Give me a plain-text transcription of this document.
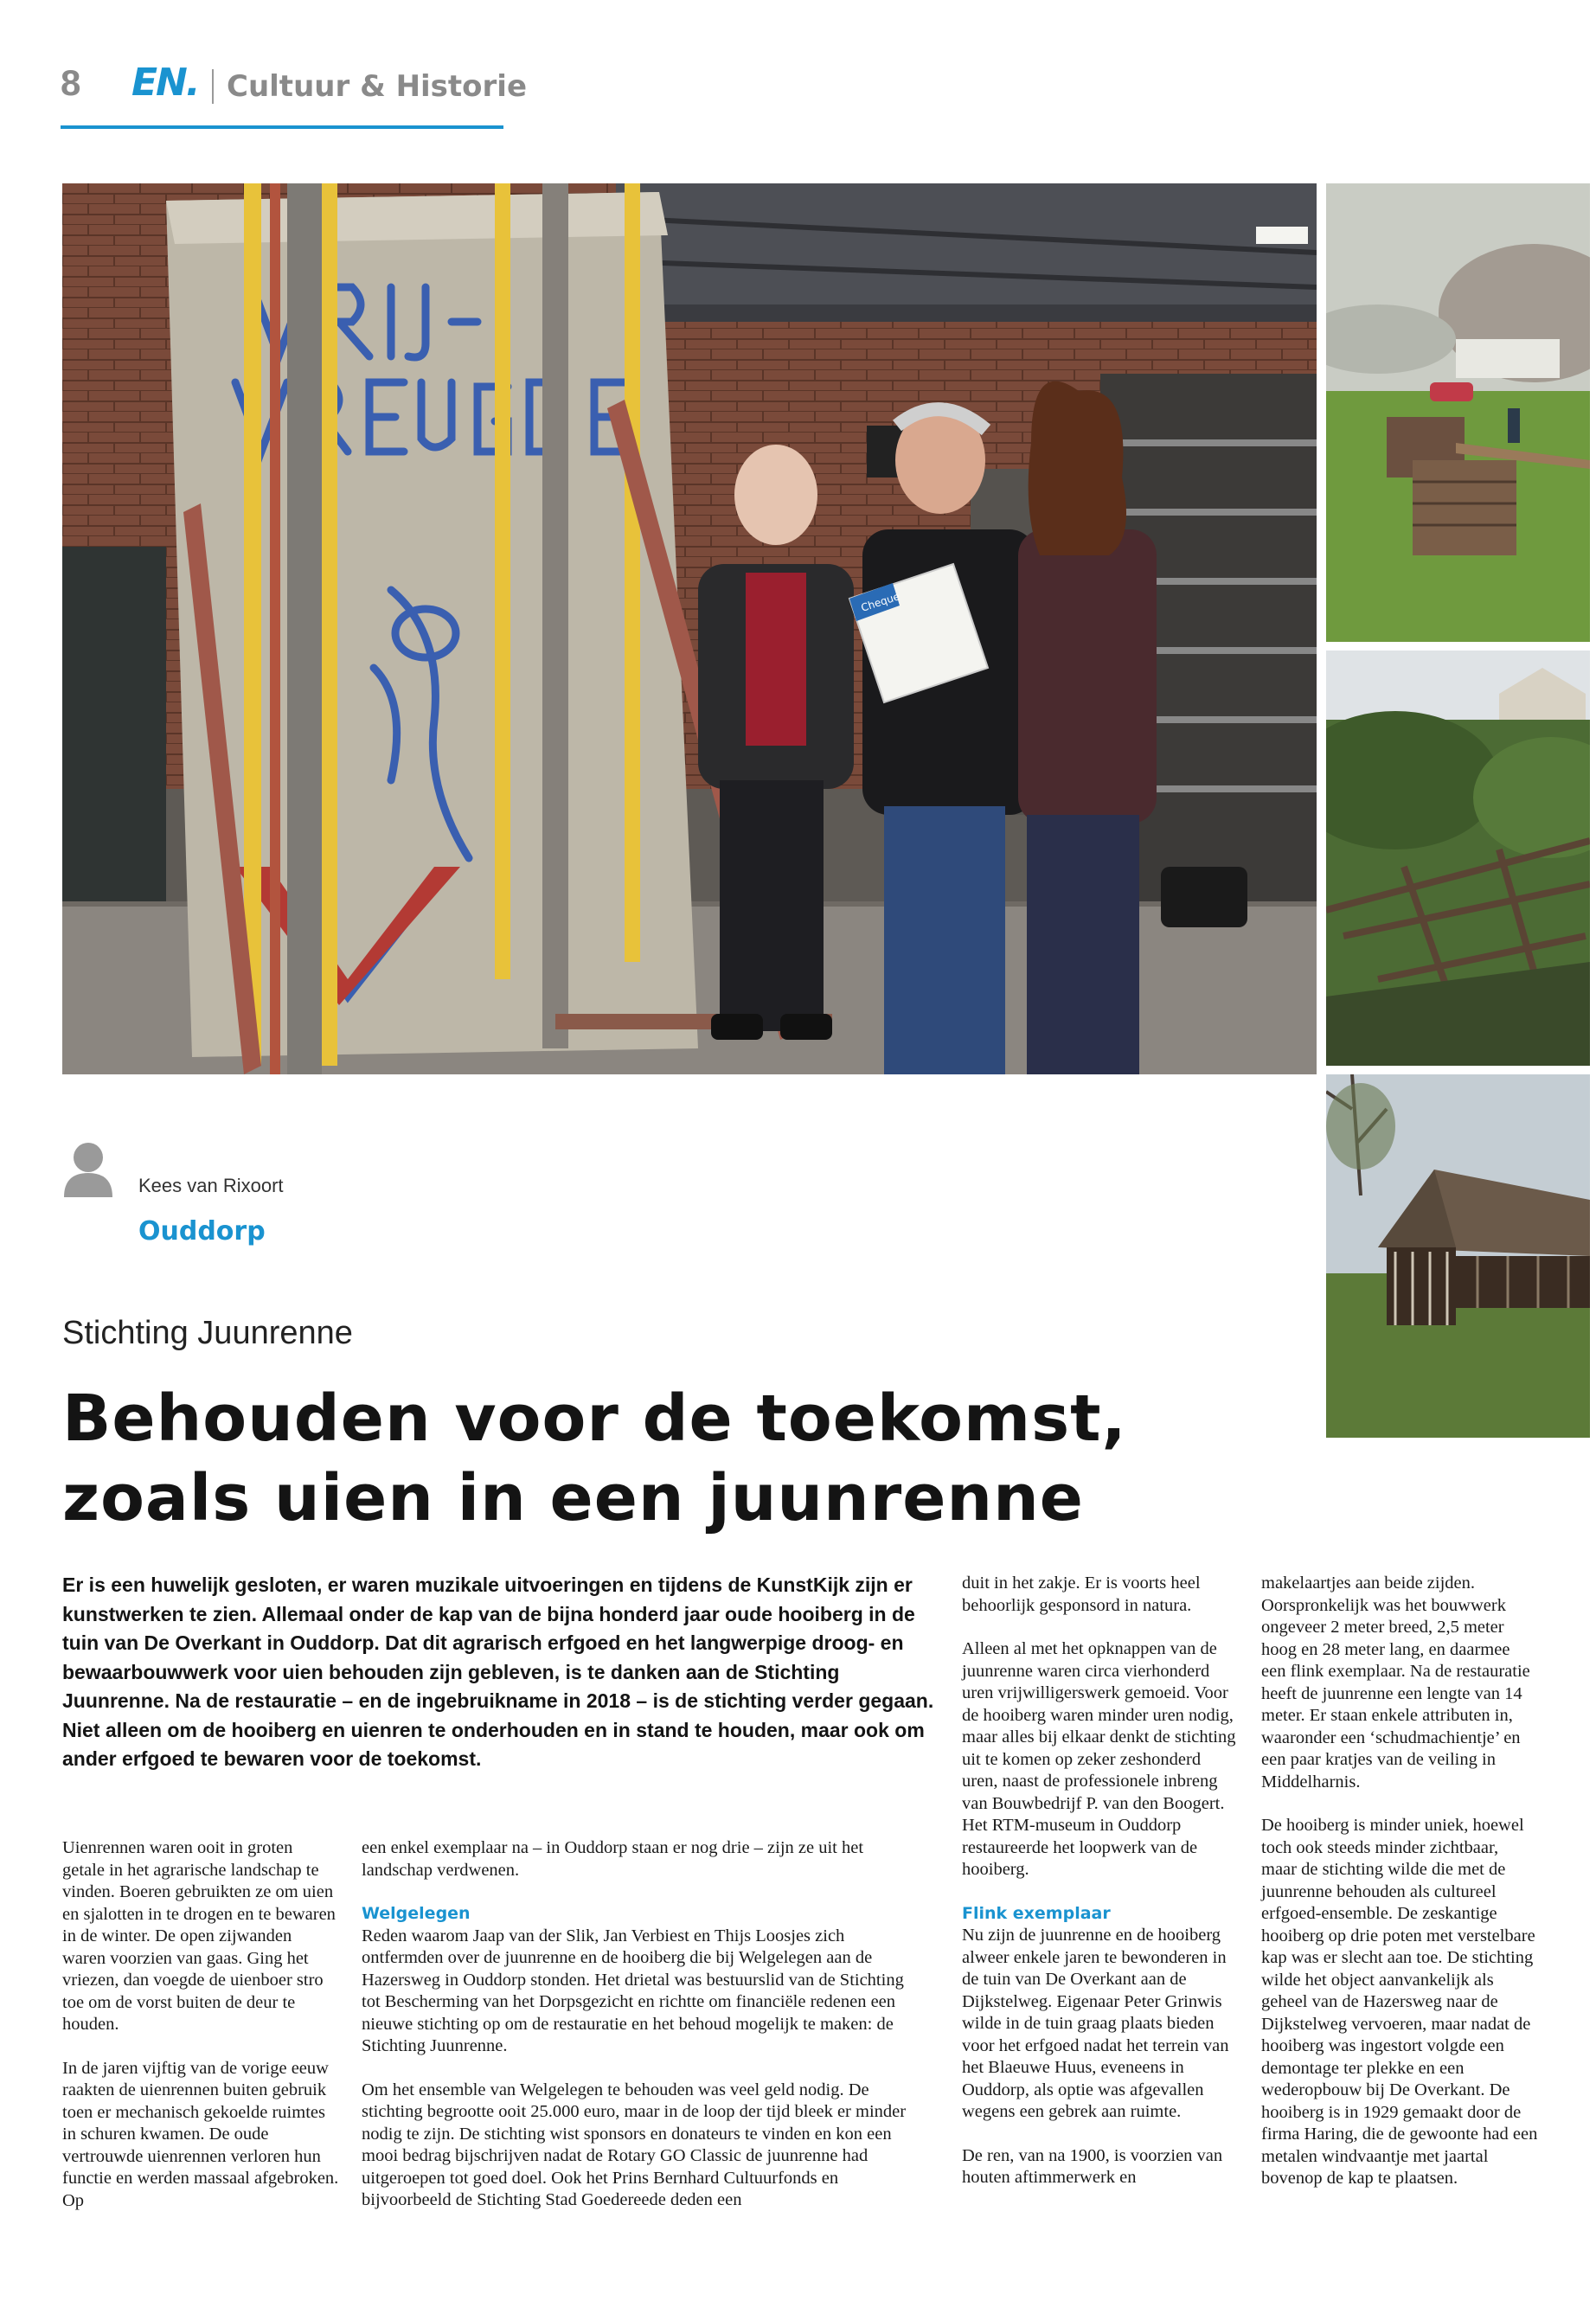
8 EN. Cultuur & Historie
Cheque
Kees van Rixoort
Ouddorp
Stichting Juunrenne
Behouden voor de toekomst,
zoals uien in een juunrenne
Er is een huwelijk gesloten, er waren muzikale uitvoeringen en tijdens de KunstKijk zijn er kunstwerken te zien. Allemaal onder de kap van de bijna honderd jaar oude hooiberg in de tuin van De Overkant in Ouddorp. Dat dit agrarisch erfgoed en het langwerpige droog- en bewaarbouwwerk voor uien behouden zijn gebleven, is te danken aan de Stichting Juunrenne. Na de restauratie – en de ingebruikname in 2018 – is de stichting verder gegaan. Niet alleen om de hooiberg en uienren te onderhouden en in stand te houden, maar ook om ander erfgoed te bewaren voor de toekomst.

Uienrennen waren ooit in groten getale in het agrarische landschap te vinden. Boeren gebruikten ze om uien en sjalotten in te drogen en te bewaren in de winter. De open zijwanden waren voorzien van gaas. Ging het vriezen, dan voegde de uienboer stro toe om de vorst buiten de deur te houden.

In de jaren vijftig van de vorige eeuw raakten de uienrennen buiten gebruik toen er mechanisch gekoelde ruimtes in schuren kwamen. De oude vertrouwde uienrennen verloren hun functie en werden massaal afgebroken. Op

een enkel exemplaar na – in Ouddorp staan er nog drie – zijn ze uit het landschap verdwenen.

Welgelegen

Reden waarom Jaap van der Slik, Jan Verbiest en Thijs Loosjes zich ontfermden over de juunrenne en de hooiberg die bij Welgelegen aan de Hazersweg in Ouddorp stonden. Het drietal was bestuurslid van de Stichting tot Bescherming van het Dorpsgezicht en richtte om financiële redenen een nieuwe stichting op om de restauratie en het behoud mogelijk te maken: de Stichting Juunrenne.

Om het ensemble van Welgelegen te behouden was veel geld nodig. De stichting begrootte ooit 25.000 euro, maar in de loop der tijd bleek er minder nodig te zijn. De stichting wist sponsors en donateurs te vinden en kon een mooi bedrag bijschrijven nadat de Rotary GO Classic de juunrenne had uitgeroepen tot goed doel. Ook het Prins Bernhard Cultuurfonds en bijvoorbeeld de Stichting Stad Goedereede deden een

duit in het zakje. Er is voorts heel behoorlijk gesponsord in natura.

Alleen al met het opknappen van de juunrenne waren circa vierhonderd uren vrijwilligerswerk gemoeid. Voor de hooiberg waren minder uren nodig, maar alles bij elkaar denkt de stichting uit te komen op zeker zeshonderd uren, naast de professionele inbreng van Bouwbedrijf P. van den Boogert. Het RTM-museum in Ouddorp restaureerde het loopwerk van de hooiberg.

Flink exemplaar

Nu zijn de juunrenne en de hooiberg alweer enkele jaren te bewonderen in de tuin van De Overkant aan de Dijkstelweg. Eigenaar Peter Grinwis wilde in de tuin graag plaats bieden voor het erfgoed nadat het terrein van het Blaeuwe Huus, eveneens in Ouddorp, als optie was afgevallen wegens een gebrek aan ruimte.

De ren, van na 1900, is voorzien van houten aftimmerwerk en

makelaartjes aan beide zijden. Oorspronkelijk was het bouwwerk ongeveer 2 meter breed, 2,5 meter hoog en 28 meter lang, en daarmee een flink exemplaar. Na de restauratie heeft de juunrenne een lengte van 14 meter. Er staan enkele attributen in, waaronder een ‘schudmachientje’ en een paar kratjes van de veiling in Middelharnis.

De hooiberg is minder uniek, hoewel toch ook steeds minder zichtbaar, maar de stichting wilde die met de juunrenne behouden als cultureel erfgoed-ensemble. De zeskantige hooiberg op drie poten met verstelbare kap was er slecht aan toe. De stichting wilde het object aanvankelijk als geheel van de Hazersweg naar de Dijkstelweg vervoeren, maar nadat de hooiberg was ingestort volgde een demontage ter plekke en een wederopbouw bij De Overkant. De hooiberg is in 1929 gemaakt door de firma Haring, die de gewoonte had een metalen windvaantje met jaartal bovenop de kap te plaatsen.
